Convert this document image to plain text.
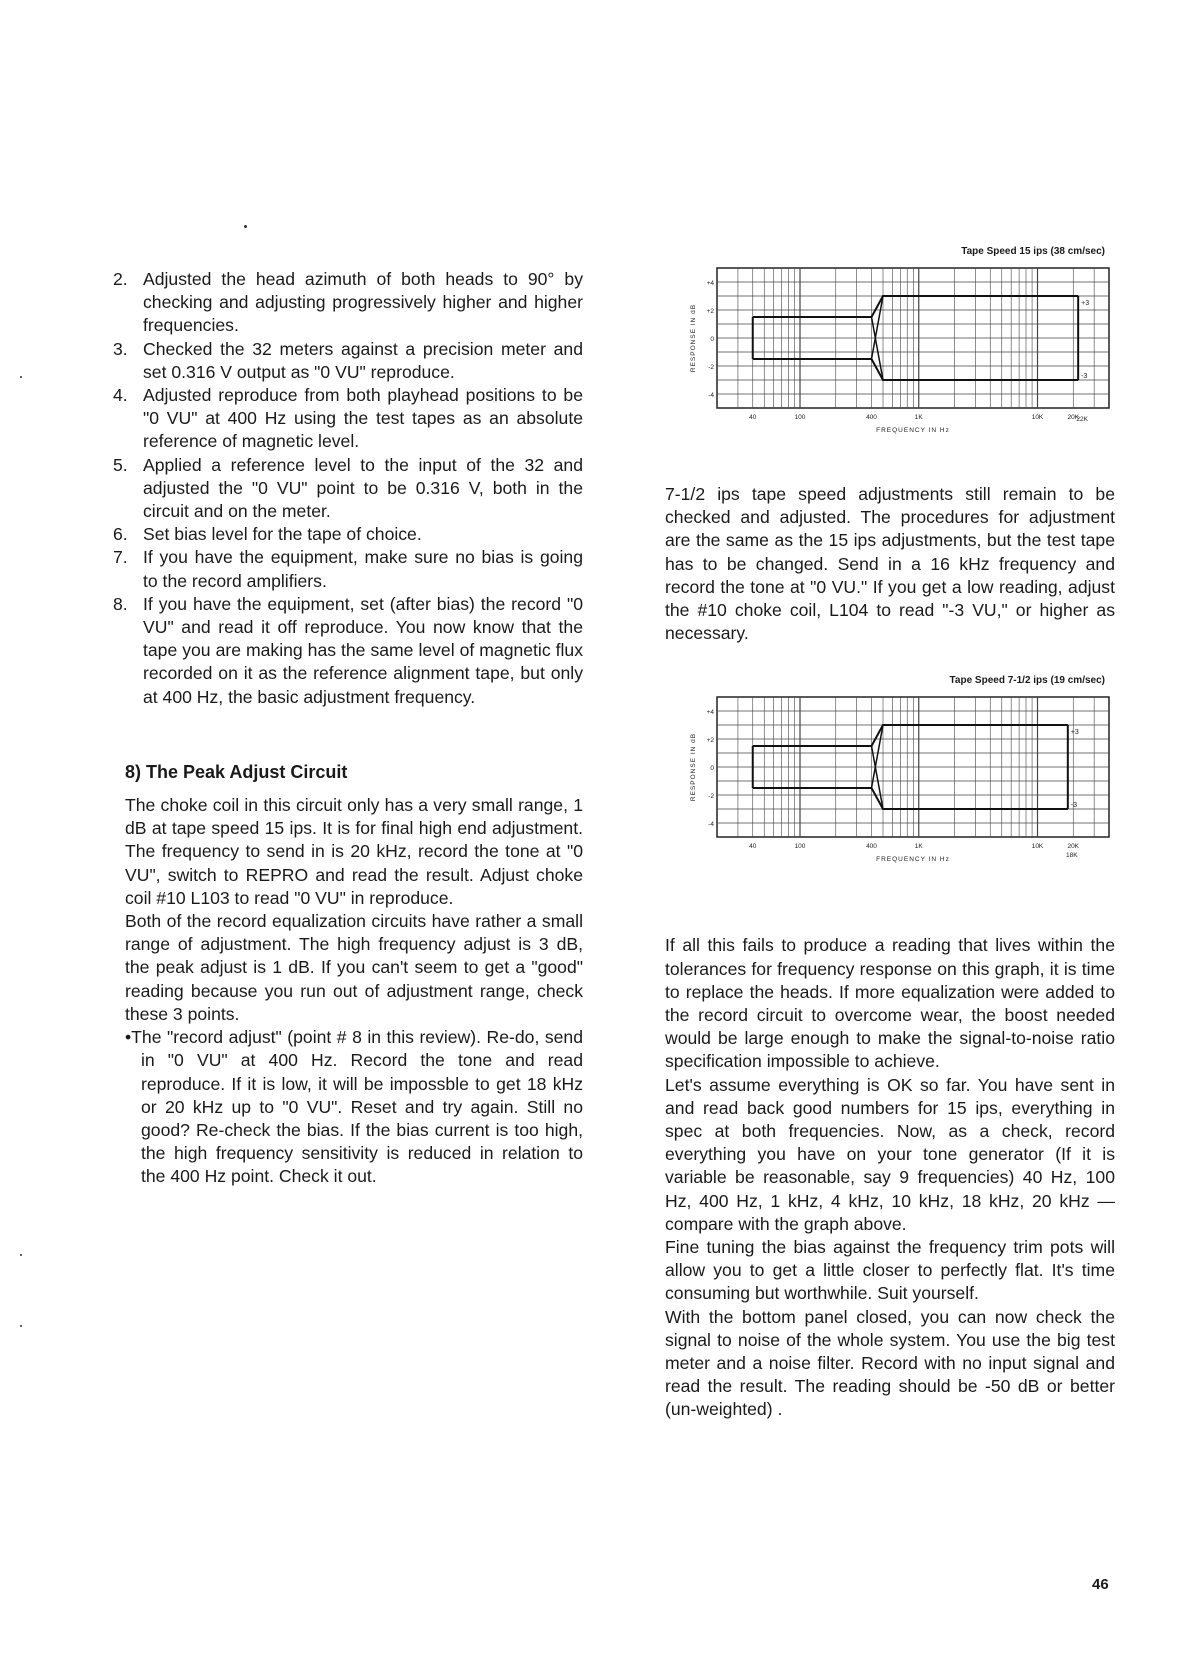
2. Adjusted the head azimuth of both heads to 90° by checking and adjusting progressively higher and higher frequencies.
3. Checked the 32 meters against a precision meter and set 0.316 V output as "0 VU" reproduce.
4. Adjusted reproduce from both playhead positions to be "0 VU" at 400 Hz using the test tapes as an absolute reference of magnetic level.
5. Applied a reference level to the input of the 32 and adjusted the "0 VU" point to be 0.316 V, both in the circuit and on the meter.
6. Set bias level for the tape of choice.
7. If you have the equipment, make sure no bias is going to the record amplifiers.
8. If you have the equipment, set (after bias) the record "0 VU" and read it off reproduce. You now know that the tape you are making has the same level of magnetic flux recorded on it as the reference alignment tape, but only at 400 Hz, the basic adjustment frequency.
8) The Peak Adjust Circuit

The choke coil in this circuit only has a very small range, 1 dB at tape speed 15 ips. It is for final high end adjustment. The frequency to send in is 20 kHz, record the tone at "0 VU", switch to REPRO and read the result. Adjust choke coil #10 L103 to read "0 VU" in reproduce.

Both of the record equalization circuits have rather a small range of adjustment. The high frequency adjust is 3 dB, the peak adjust is 1 dB. If you can't seem to get a "good" reading because you run out of adjustment range, check these 3 points.

•The "record adjust" (point # 8 in this review). Re-do, send in "0 VU" at 400 Hz. Record the tone and read reproduce. If it is low, it will be impossble to get 18 kHz or 20 kHz up to "0 VU". Reset and try again. Still no good? Re-check the bias. If the bias current is too high, the high frequency sensitivity is reduced in relation to the 400 Hz point. Check it out.

Tape Speed 15 ips (38 cm/sec)
+3
-3
+4
+2
0
-2
-4
RESPONSE IN dB
40	100	400	1K	10K	20K
22K
FREQUENCY IN Hz

7-1/2 ips tape speed adjustments still remain to be checked and adjusted. The procedures for adjustment are the same as the 15 ips adjustments, but the test tape has to be changed. Send in a 16 kHz frequency and record the tone at "0 VU." If you get a low reading, adjust the #10 choke coil, L104 to read "-3 VU," or higher as necessary.

Tape Speed 7-1/2 ips (19 cm/sec)
+3
-3
+4
+2
0
-2
-4
RESPONSE IN dB
40	100	400	1K	10K	20K
18K
FREQUENCY IN Hz

If all this fails to produce a reading that lives within the tolerances for frequency response on this graph, it is time to replace the heads. If more equalization were added to the record circuit to overcome wear, the boost needed would be large enough to make the signal-to-noise ratio specification impossible to achieve.

Let's assume everything is OK so far. You have sent in and read back good numbers for 15 ips, everything in spec at both frequencies. Now, as a check, record everything you have on your tone generator (If it is variable be reasonable, say 9 frequencies) 40 Hz, 100 Hz, 400 Hz, 1 kHz, 4 kHz, 10 kHz, 18 kHz, 20 kHz — compare with the graph above.

Fine tuning the bias against the frequency trim pots will allow you to get a little closer to perfectly flat. It's time consuming but worthwhile. Suit yourself.

With the bottom panel closed, you can now check the signal to noise of the whole system. You use the big test meter and a noise filter. Record with no input signal and read the result. The reading should be -50 dB or better (un-weighted) .

46
